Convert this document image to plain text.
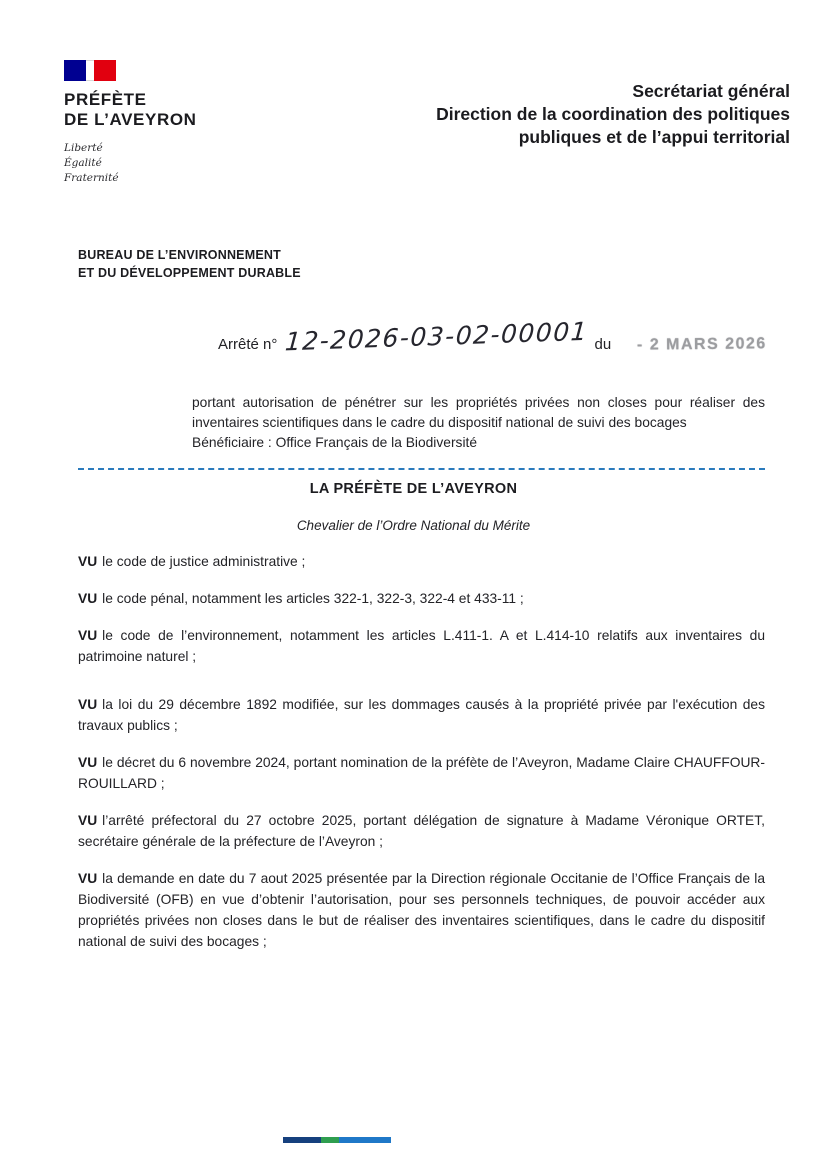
PRÉFÈTE
DE L’AVEYRON
Liberté
Égalité
Fraternité
Secrétariat général
Direction de la coordination des politiques
publiques et de l’appui territorial
BUREAU DE L’ENVIRONNEMENT
ET DU DÉVELOPPEMENT DURABLE
Arrêté n° 12-2026-03-02-00001 du - 2 MARS 2026

portant autorisation de pénétrer sur les propriétés privées non closes pour réaliser des inventaires scientifiques dans le cadre du dispositif national de suivi des bocages

Bénéficiaire : Office Français de la Biodiversité

LA PRÉFÈTE DE L’AVEYRON
Chevalier de l’Ordre National du Mérite

VU le code de justice administrative ;

VU le code pénal, notamment les articles 322-1, 322-3, 322-4 et 433-11 ;

VU le code de l’environnement, notamment les articles L.411-1. A et L.414-10 relatifs aux inventaires du patrimoine naturel ;

VU la loi du 29 décembre 1892 modifiée, sur les dommages causés à la propriété privée par l'exécution des travaux publics ;

VU le décret du 6 novembre 2024, portant nomination de la préfète de l’Aveyron, Madame Claire CHAUFFOUR-ROUILLARD ;

VU l’arrêté préfectoral du 27 octobre 2025, portant délégation de signature à Madame Véronique ORTET, secrétaire générale de la préfecture de l’Aveyron ;

VU la demande en date du 7 aout 2025 présentée par la Direction régionale Occitanie de l’Office Français de la Biodiversité (OFB) en vue d’obtenir l’autorisation, pour ses personnels techniques, de pouvoir accéder aux propriétés privées non closes dans le but de réaliser des inventaires scientifiques, dans le cadre du dispositif national de suivi des bocages ;
